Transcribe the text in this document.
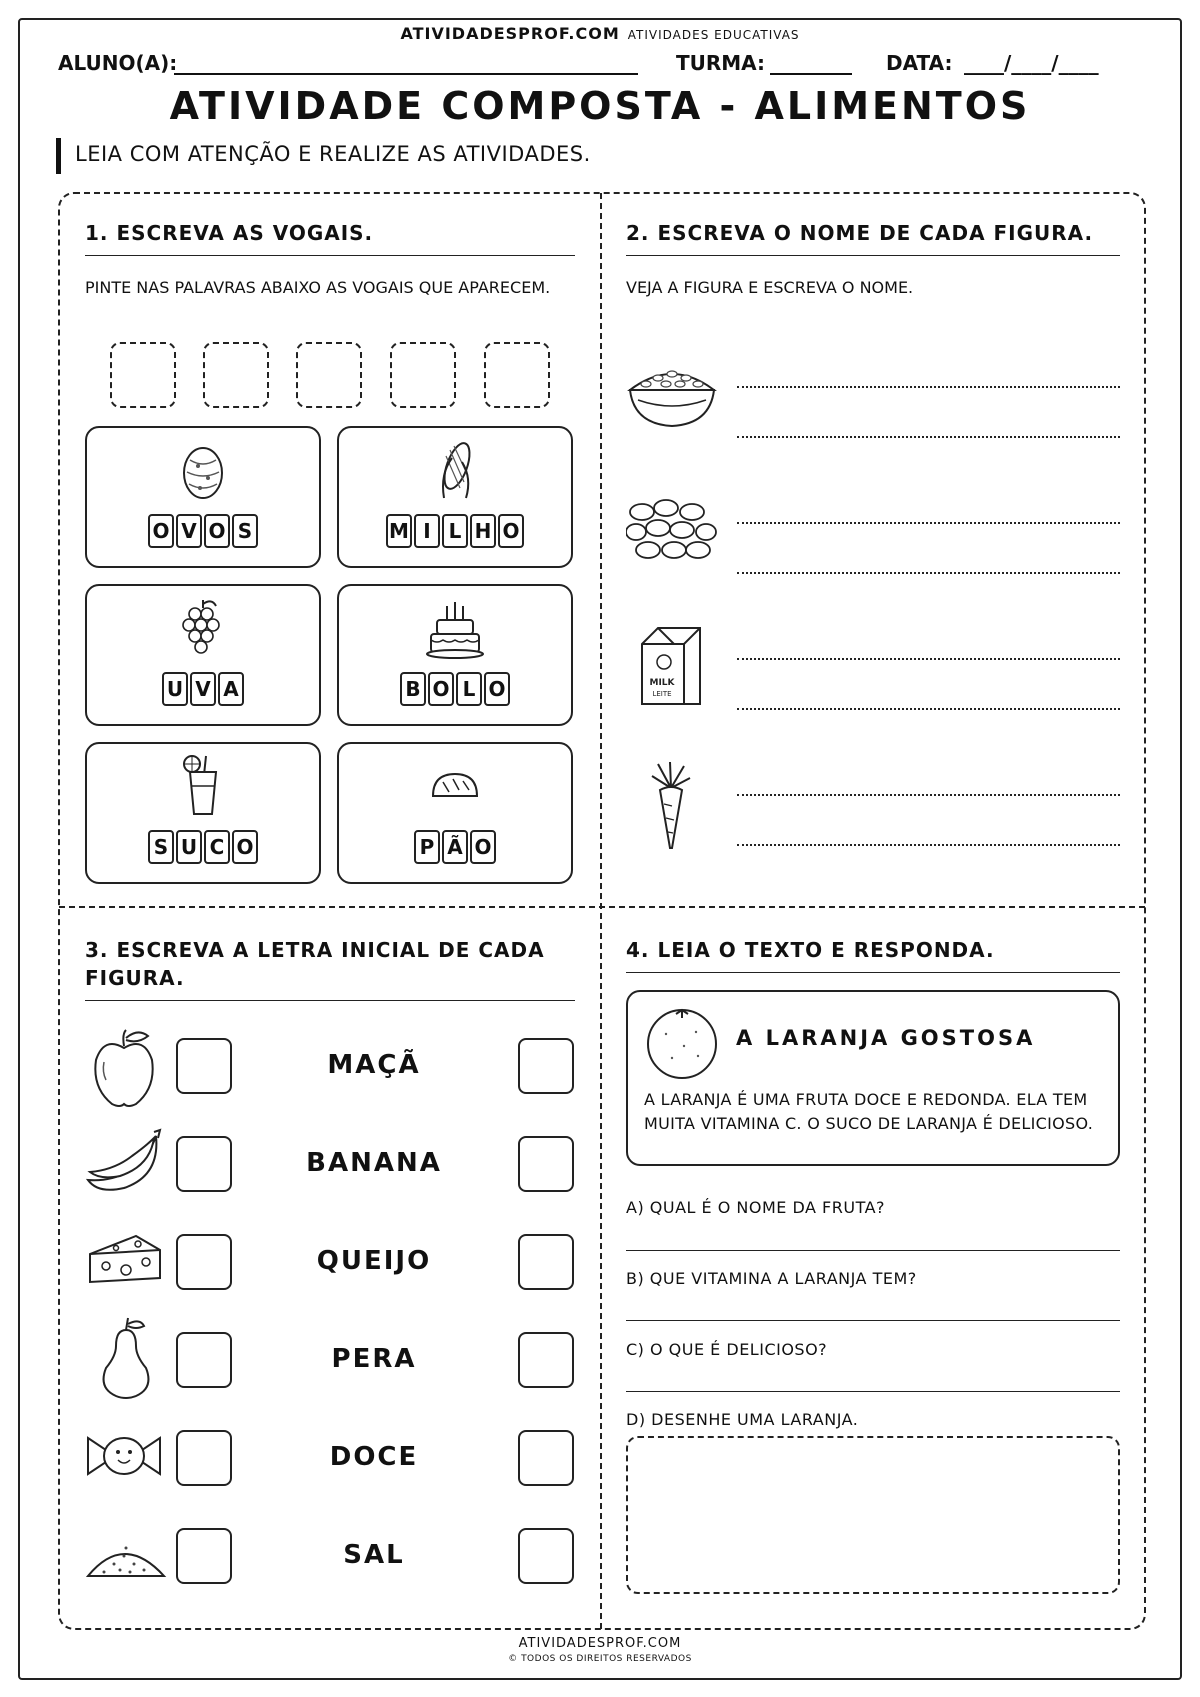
ATIVIDADESPROF.COM ATIVIDADES EDUCATIVAS
ALUNO(A):	TURMA:	DATA: ____/____/____
ATIVIDADE COMPOSTA - ALIMENTOS
LEIA COM ATENÇÃO E REALIZE AS ATIVIDADES.
1. ESCREVA AS VOGAIS.
PINTE NAS PALAVRAS ABAIXO AS VOGAIS QUE APARECEM.
O V O S	M I L H O
U V A	B O L O
S U C O	P Ã O
2. ESCREVA O NOME DE CADA FIGURA.
VEJA A FIGURA E ESCREVA O NOME.
MILK
LEITE
3. ESCREVA A LETRA INICIAL DE CADA FIGURA.
MAÇÃ
BANANA
QUEIJO
PERA
DOCE
SAL
4. LEIA O TEXTO E RESPONDA.
A LARANJA GOSTOSA
A LARANJA É UMA FRUTA DOCE E REDONDA. ELA TEM MUITA VITAMINA C. O SUCO DE LARANJA É DELICIOSO.
A) QUAL É O NOME DA FRUTA?
B) QUE VITAMINA A LARANJA TEM?
C) O QUE É DELICIOSO?
D) DESENHE UMA LARANJA.
ATIVIDADESPROF.COM
© TODOS OS DIREITOS RESERVADOS
